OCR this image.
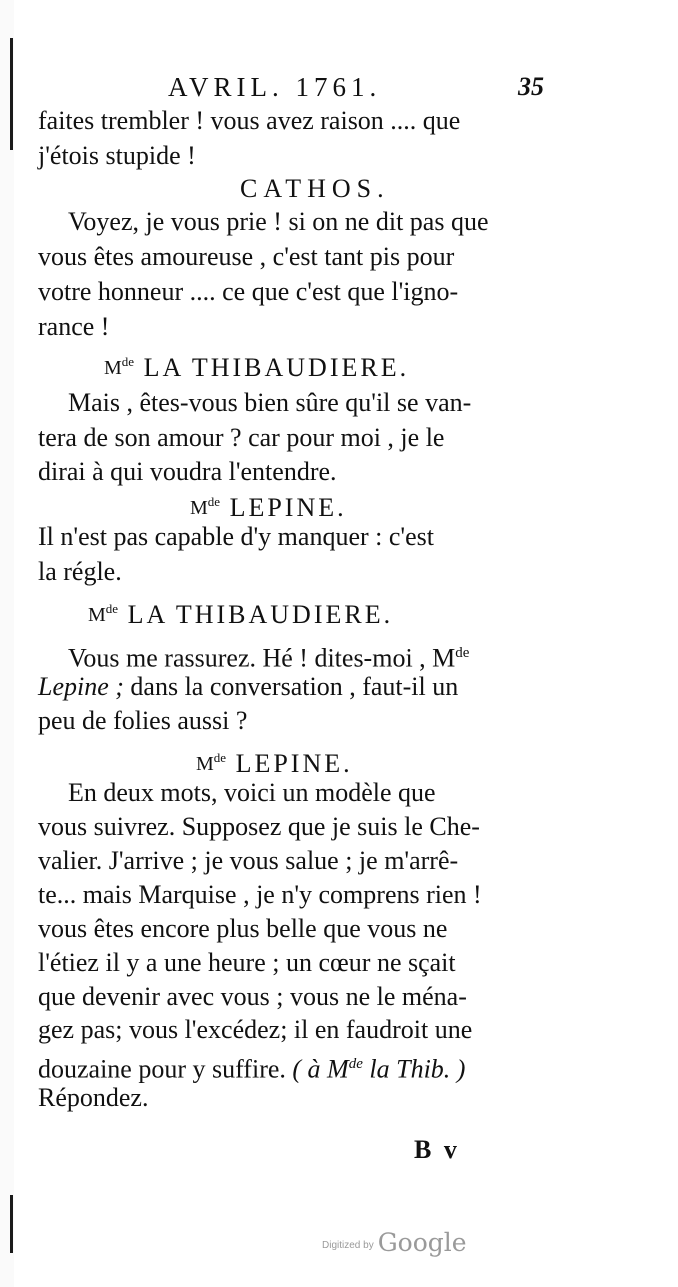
AVRIL. 1761.	35
faites trembler ! vous avez raison .... que
j'étois stupide !
CATHOS.
Voyez, je vous prie ! si on ne dit pas que
vous êtes amoureuse , c'est tant pis pour
votre honneur .... ce que c'est que l'igno-
rance !
Mde LA THIBAUDIERE.
Mais , êtes-vous bien sûre qu'il se van-
tera de son amour ? car pour moi , je le
dirai à qui voudra l'entendre.
Mde LEPINE.
Il n'est pas capable d'y manquer : c'est
la régle.
Mde LA THIBAUDIERE.
Vous me rassurez. Hé ! dites-moi , Mde
Lepine ; dans la conversation , faut-il un
peu de folies aussi ?
Mde LEPINE.
En deux mots, voici un modèle que
vous suivrez. Supposez que je suis le Che-
valier. J'arrive ; je vous salue ; je m'arrê-
te... mais Marquise , je n'y comprens rien !
vous êtes encore plus belle que vous ne
l'étiez il y a une heure ; un cœur ne sçait
que devenir avec vous ; vous ne le ména-
gez pas; vous l'excédez; il en faudroit une
douzaine pour y suffire. ( à Mde la Thib. )
Répondez.
B v
Digitized by Google
